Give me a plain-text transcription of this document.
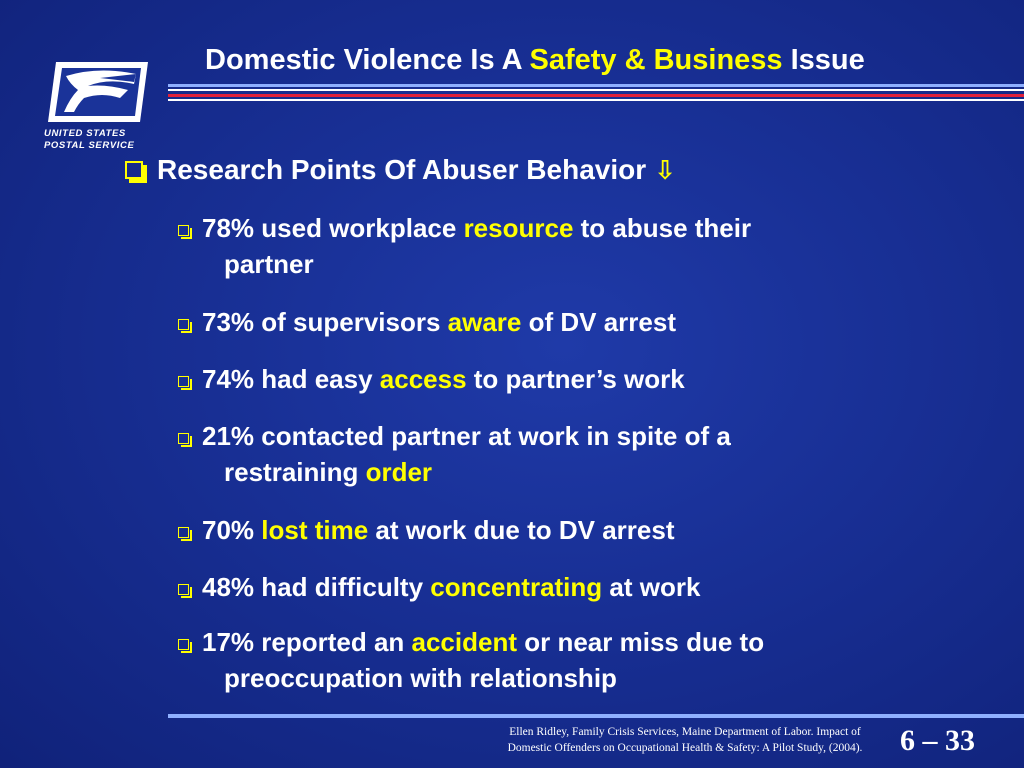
UNITED STATES
POSTAL SERVICE
Domestic Violence Is A Safety & Business Issue
Research Points Of Abuser Behavior ⇩
78% used workplace resource to abuse their
partner
73% of supervisors aware of DV arrest
74% had easy access to partner’s work
21% contacted partner at work in spite of a
restraining order
70% lost time at work due to DV arrest
48% had difficulty concentrating at work
17% reported an accident or near miss due to
preoccupation with relationship
Ellen Ridley, Family Crisis Services, Maine Department of Labor. Impact of
Domestic Offenders on Occupational Health & Safety: A Pilot Study, (2004).	6 – 33
